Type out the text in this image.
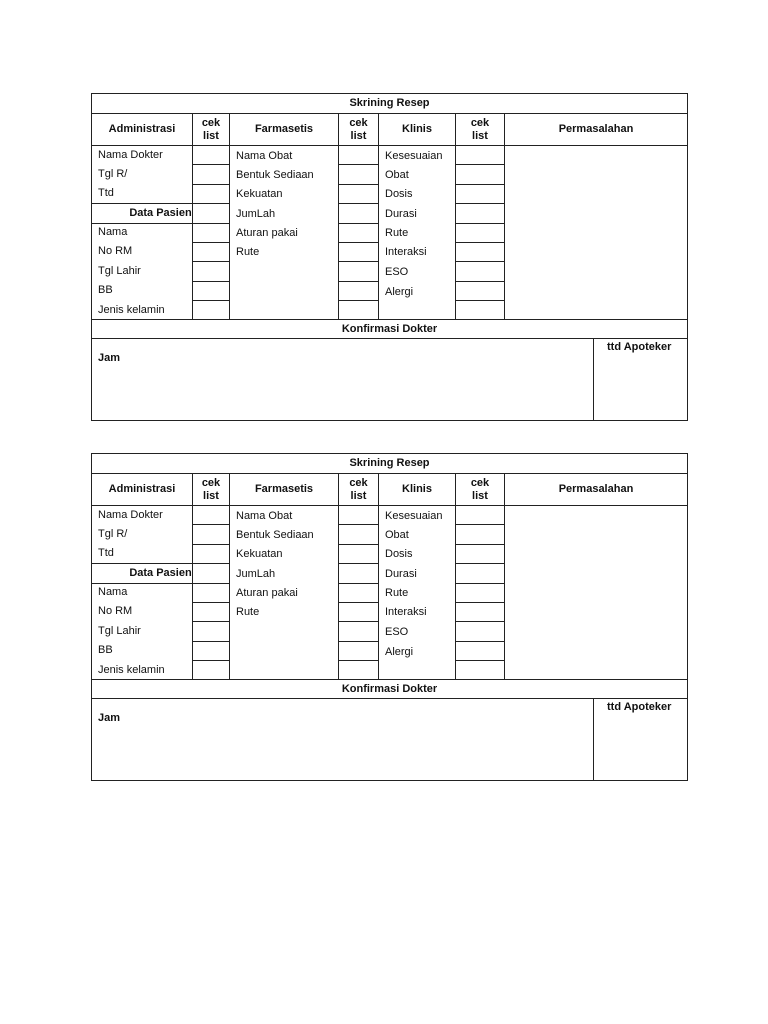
Skrining Resep
Administrasi
cek
list
Farmasetis
cek
list
Klinis
cek
list
Permasalahan
Nama Dokter
Tgl R/
Ttd
Data Pasien
Nama
No RM
Tgl Lahir
BB
Jenis kelamin
Nama Obat
Bentuk Sediaan
Kekuatan
JumLah
Aturan pakai
Rute
Kesesuaian
Obat
Dosis
Durasi
Rute
Interaksi
ESO
Alergi
Konfirmasi Dokter
Jam
ttd Apoteker
Skrining Resep
Administrasi
cek
list
Farmasetis
cek
list
Klinis
cek
list
Permasalahan
Nama Dokter
Tgl R/
Ttd
Data Pasien
Nama
No RM
Tgl Lahir
BB
Jenis kelamin
Nama Obat
Bentuk Sediaan
Kekuatan
JumLah
Aturan pakai
Rute
Kesesuaian
Obat
Dosis
Durasi
Rute
Interaksi
ESO
Alergi
Konfirmasi Dokter
Jam
ttd Apoteker
